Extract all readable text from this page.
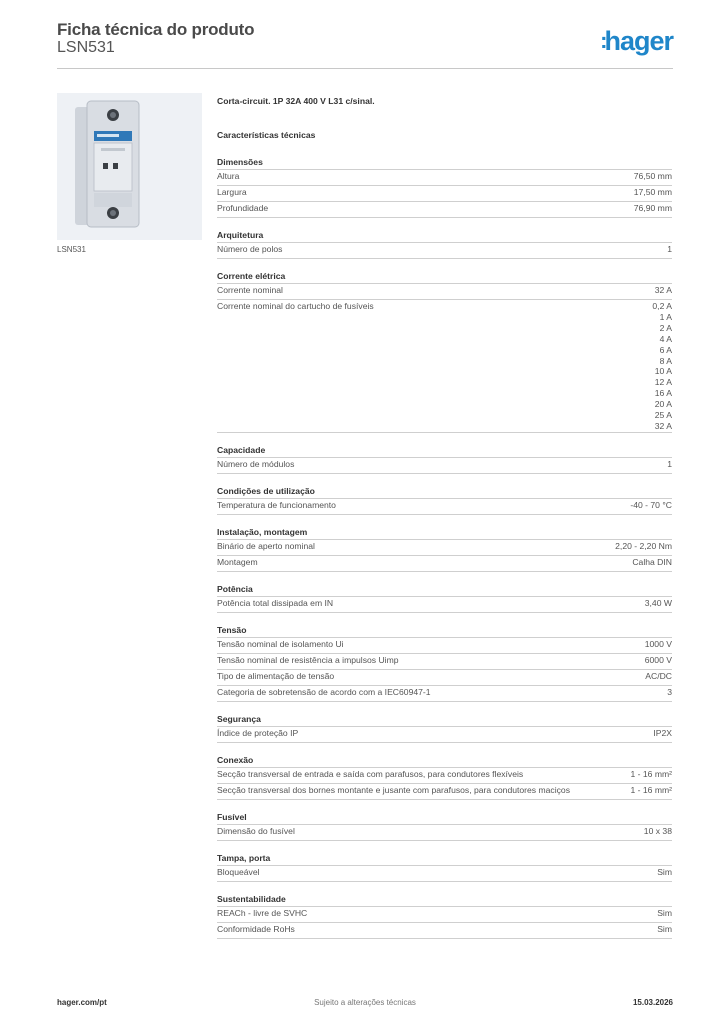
Ficha técnica do produto
LSN531	:hager
LSN531
Corta-circuit. 1P 32A 400 V L31 c/sinal.
Características técnicas
Dimensões
Altura	76,50 mm
Largura	17,50 mm
Profundidade	76,90 mm
Arquitetura
Número de polos	1
Corrente elétrica
Corrente nominal	32 A
Corrente nominal do cartucho de fusíveis	0,2 A
1 A
2 A
4 A
6 A
8 A
10 A
12 A
16 A
20 A
25 A
32 A
Capacidade
Número de módulos	1
Condições de utilização
Temperatura de funcionamento	-40 - 70 °C
Instalação, montagem
Binário de aperto nominal	2,20 - 2,20 Nm
Montagem	Calha DIN
Potência
Potência total dissipada em IN	3,40 W
Tensão
Tensão nominal de isolamento Ui	1000 V
Tensão nominal de resistência a impulsos Uimp	6000 V
Tipo de alimentação de tensão	AC/DC
Categoria de sobretensão de acordo com a IEC60947-1	3
Segurança
Índice de proteção IP	IP2X
Conexão
Secção transversal de entrada e saída com parafusos, para condutores flexíveis	1 - 16 mm²
Secção transversal dos bornes montante e jusante com parafusos, para condutores maciços	1 - 16 mm²
Fusível
Dimensão do fusível	10 x 38
Tampa, porta
Bloqueável	Sim
Sustentabilidade
REACh - livre de SVHC	Sim
Conformidade RoHs	Sim
hager.com/pt	Sujeito a alterações técnicas	15.03.2026
